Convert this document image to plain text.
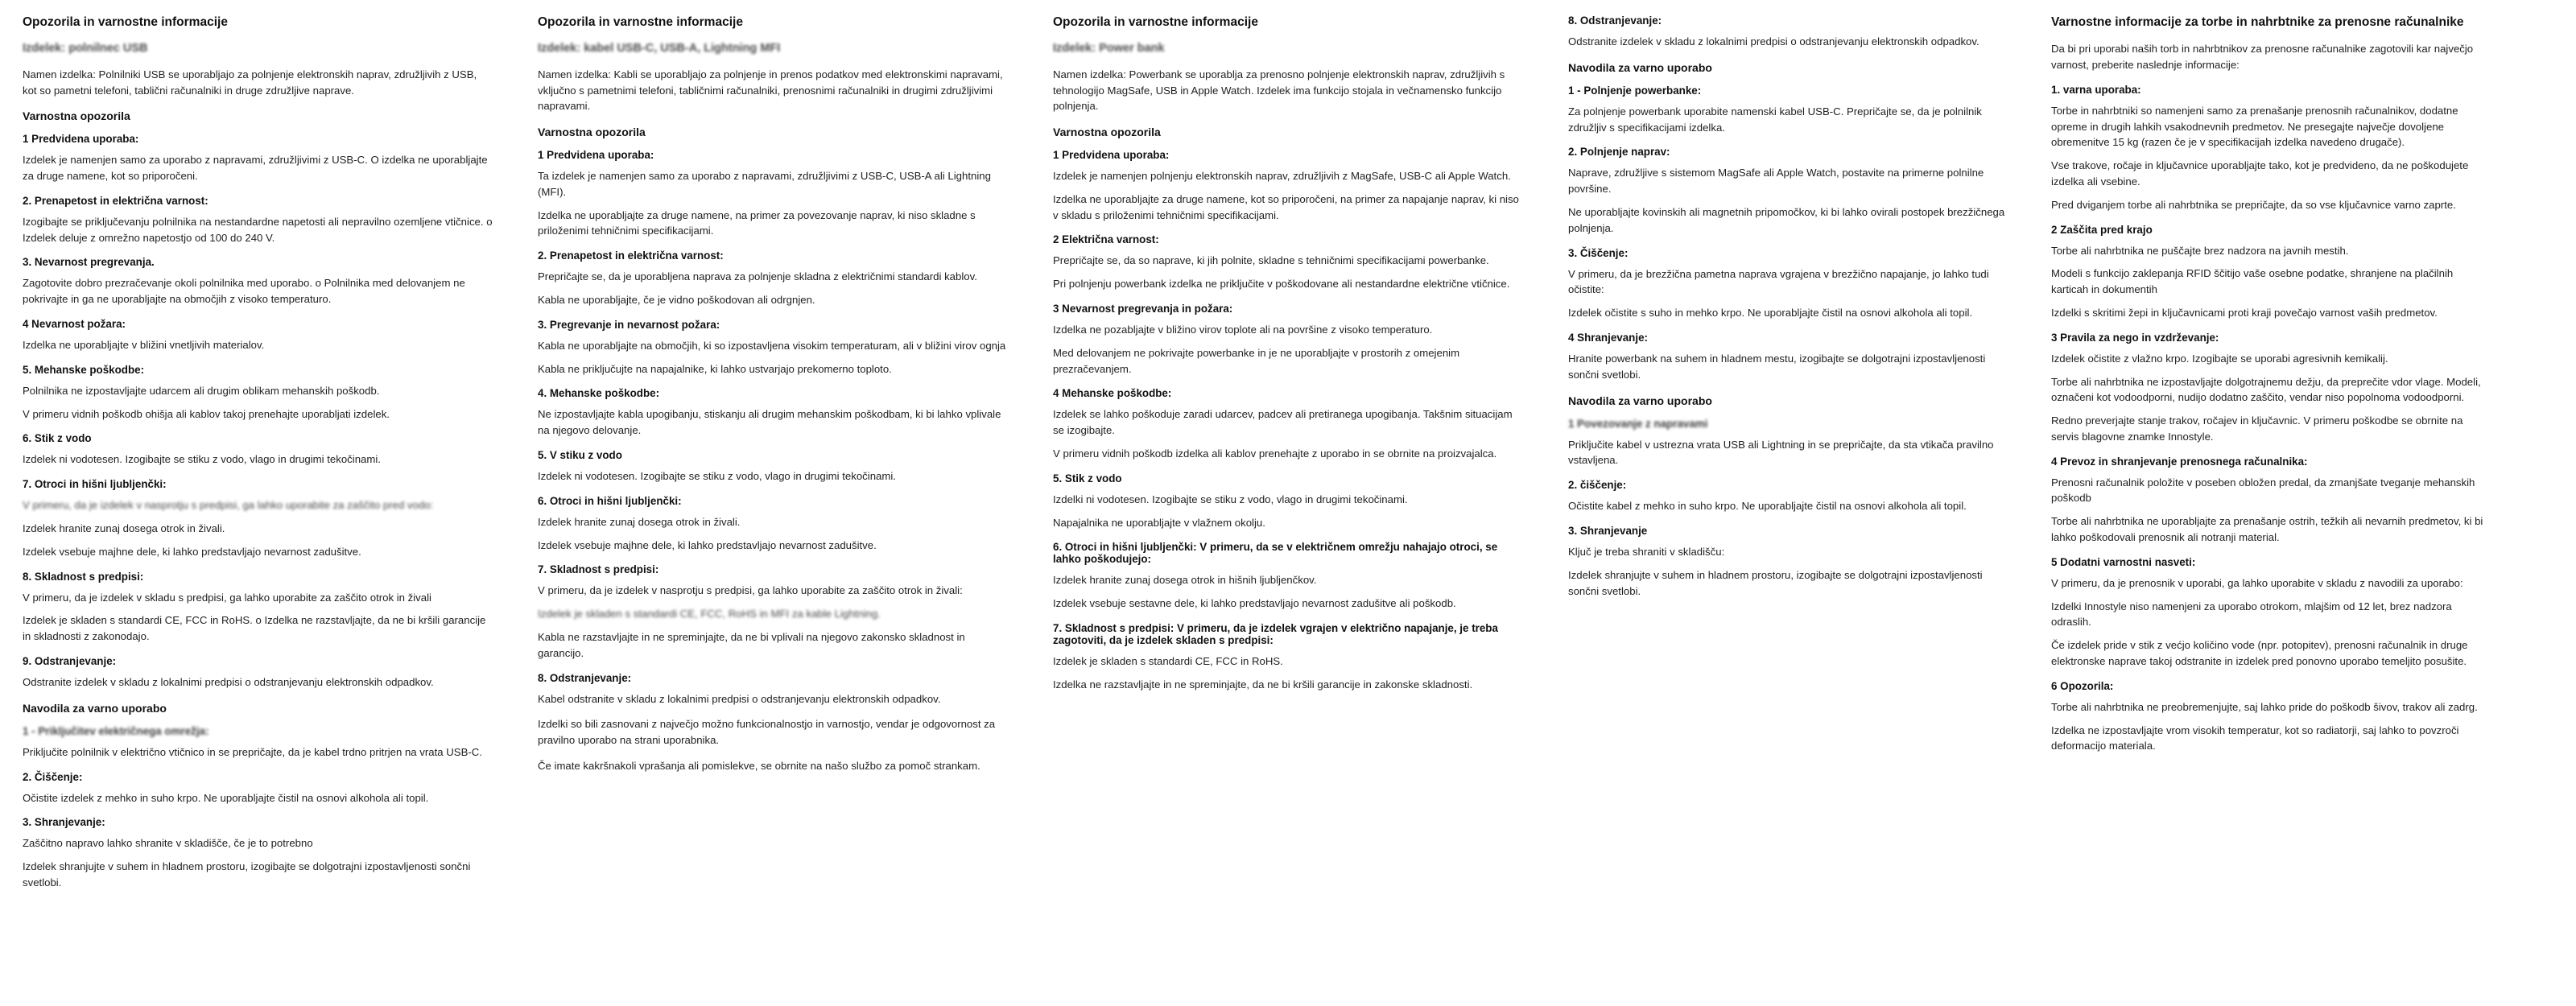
Opozorila in varnostne informacije
Izdelek: polnilnec USB

Namen izdelka: Polnilniki USB se uporabljajo za polnjenje elektronskih naprav, združljivih z USB, kot so pametni telefoni, tablični računalniki in druge združljive naprave.

Varnostna opozorila
1 Predvidena uporaba:

Izdelek je namenjen samo za uporabo z napravami, združljivimi z USB-C. O izdelka ne uporabljajte za druge namene, kot so priporočeni.

2. Prenapetost in električna varnost:

Izogibajte se priključevanju polnilnika na nestandardne napetosti ali nepravilno ozemljene vtičnice. o Izdelek deluje z omrežno napetostjo od 100 do 240 V.

3. Nevarnost pregrevanja.

Zagotovite dobro prezračevanje okoli polnilnika med uporabo. o Polnilnika med delovanjem ne pokrivajte in ga ne uporabljajte na območjih z visoko temperaturo.

4 Nevarnost požara:

Izdelka ne uporabljajte v bližini vnetljivih materialov.

5. Mehanske poškodbe:

Polnilnika ne izpostavljajte udarcem ali drugim oblikam mehanskih poškodb.

V primeru vidnih poškodb ohišja ali kablov takoj prenehajte uporabljati izdelek.

6. Stik z vodo

Izdelek ni vodotesen. Izogibajte se stiku z vodo, vlago in drugimi tekočinami.

7. Otroci in hišni ljubljenčki:

V primeru, da je izdelek v nasprotju s predpisi, ga lahko uporabite za zaščito pred vodo:

Izdelek hranite zunaj dosega otrok in živali.

Izdelek vsebuje majhne dele, ki lahko predstavljajo nevarnost zadušitve.

8. Skladnost s predpisi:

V primeru, da je izdelek v skladu s predpisi, ga lahko uporabite za zaščito otrok in živali

Izdelek je skladen s standardi CE, FCC in RoHS. o Izdelka ne razstavljajte, da ne bi kršili garancije in skladnosti z zakonodajo.

9. Odstranjevanje:

Odstranite izdelek v skladu z lokalnimi predpisi o odstranjevanju elektronskih odpadkov.

Navodila za varno uporabo
1 - Priključitev električnega omrežja:

Priključite polnilnik v električno vtičnico in se prepričajte, da je kabel trdno pritrjen na vrata USB-C.

2. Čiščenje:

Očistite izdelek z mehko in suho krpo. Ne uporabljajte čistil na osnovi alkohola ali topil.

3. Shranjevanje:

Zaščitno napravo lahko shranite v skladišče, če je to potrebno

Izdelek shranjujte v suhem in hladnem prostoru, izogibajte se dolgotrajni izpostavljenosti sončni svetlobi.

Opozorila in varnostne informacije
Izdelek: kabel USB-C, USB-A, Lightning MFI

Namen izdelka: Kabli se uporabljajo za polnjenje in prenos podatkov med elektronskimi napravami, vključno s pametnimi telefoni, tabličnimi računalniki, prenosnimi računalniki in drugimi združljivimi napravami.

Varnostna opozorila
1 Predvidena uporaba:

Ta izdelek je namenjen samo za uporabo z napravami, združljivimi z USB-C, USB-A ali Lightning (MFI).

Izdelka ne uporabljajte za druge namene, na primer za povezovanje naprav, ki niso skladne s priloženimi tehničnimi specifikacijami.

2. Prenapetost in električna varnost:

Prepričajte se, da je uporabljena naprava za polnjenje skladna z električnimi standardi kablov.

Kabla ne uporabljajte, če je vidno poškodovan ali odrgnjen.

3. Pregrevanje in nevarnost požara:

Kabla ne uporabljajte na območjih, ki so izpostavljena visokim temperaturam, ali v bližini virov ognja

Kabla ne priključujte na napajalnike, ki lahko ustvarjajo prekomerno toploto.

4. Mehanske poškodbe:

Ne izpostavljajte kabla upogibanju, stiskanju ali drugim mehanskim poškodbam, ki bi lahko vplivale na njegovo delovanje.

5. V stiku z vodo

Izdelek ni vodotesen. Izogibajte se stiku z vodo, vlago in drugimi tekočinami.

6. Otroci in hišni ljubljenčki:

Izdelek hranite zunaj dosega otrok in živali.

Izdelek vsebuje majhne dele, ki lahko predstavljajo nevarnost zadušitve.

7. Skladnost s predpisi:

V primeru, da je izdelek v nasprotju s predpisi, ga lahko uporabite za zaščito otrok in živali:

Izdelek je skladen s standardi CE, FCC, RoHS in MFI za kable Lightning.

Kabla ne razstavljajte in ne spreminjajte, da ne bi vplivali na njegovo zakonsko skladnost in garancijo.

8. Odstranjevanje:

Kabel odstranite v skladu z lokalnimi predpisi o odstranjevanju elektronskih odpadkov.

Izdelki so bili zasnovani z največjo možno funkcionalnostjo in varnostjo, vendar je odgovornost za pravilno uporabo na strani uporabnika.

Če imate kakršnakoli vprašanja ali pomislekve, se obrnite na našo službo za pomoč strankam.

Opozorila in varnostne informacije
Izdelek: Power bank

Namen izdelka: Powerbank se uporablja za prenosno polnjenje elektronskih naprav, združljivih s tehnologijo MagSafe, USB in Apple Watch. Izdelek ima funkcijo stojala in večnamensko funkcijo polnjenja.

Varnostna opozorila
1 Predvidena uporaba:

Izdelek je namenjen polnjenju elektronskih naprav, združljivih z MagSafe, USB-C ali Apple Watch.

Izdelka ne uporabljajte za druge namene, kot so priporočeni, na primer za napajanje naprav, ki niso v skladu s priloženimi tehničnimi specifikacijami.

2 Električna varnost:

Prepričajte se, da so naprave, ki jih polnite, skladne s tehničnimi specifikacijami powerbanke.

Pri polnjenju powerbank izdelka ne priključite v poškodovane ali nestandardne električne vtičnice.

3 Nevarnost pregrevanja in požara:

Izdelka ne pozabljajte v bližino virov toplote ali na površine z visoko temperaturo.

Med delovanjem ne pokrivajte powerbanke in je ne uporabljajte v prostorih z omejenim prezračevanjem.

4 Mehanske poškodbe:

Izdelek se lahko poškoduje zaradi udarcev, padcev ali pretiranega upogibanja. Takšnim situacijam se izogibajte.

V primeru vidnih poškodb izdelka ali kablov prenehajte z uporabo in se obrnite na proizvajalca.

5. Stik z vodo

Izdelki ni vodotesen. Izogibajte se stiku z vodo, vlago in drugimi tekočinami.

Napajalnika ne uporabljajte v vlažnem okolju.

6. Otroci in hišni ljubljenčki: V primeru, da se v električnem omrežju nahajajo otroci, se lahko poškodujejo:

Izdelek hranite zunaj dosega otrok in hišnih ljubljenčkov.

Izdelek vsebuje sestavne dele, ki lahko predstavljajo nevarnost zadušitve ali poškodb.

7. Skladnost s predpisi: V primeru, da je izdelek vgrajen v električno napajanje, je treba zagotoviti, da je izdelek skladen s predpisi:

Izdelek je skladen s standardi CE, FCC in RoHS.

Izdelka ne razstavljajte in ne spreminjajte, da ne bi kršili garancije in zakonske skladnosti.

8. Odstranjevanje:

Odstranite izdelek v skladu z lokalnimi predpisi o odstranjevanju elektronskih odpadkov.

Navodila za varno uporabo
1 - Polnjenje powerbanke:

Za polnjenje powerbank uporabite namenski kabel USB-C. Prepričajte se, da je polnilnik združljiv s specifikacijami izdelka.

2. Polnjenje naprav:

Naprave, združljive s sistemom MagSafe ali Apple Watch, postavite na primerne polnilne površine.

Ne uporabljajte kovinskih ali magnetnih pripomočkov, ki bi lahko ovirali postopek brezžičnega polnjenja.

3. Čiščenje:

V primeru, da je brezžična pametna naprava vgrajena v brezžično napajanje, jo lahko tudi očistite:

Izdelek očistite s suho in mehko krpo. Ne uporabljajte čistil na osnovi alkohola ali topil.

4 Shranjevanje:

Hranite powerbank na suhem in hladnem mestu, izogibajte se dolgotrajni izpostavljenosti sončni svetlobi.

Navodila za varno uporabo
1 Povezovanje z napravami

Priključite kabel v ustrezna vrata USB ali Lightning in se prepričajte, da sta vtikača pravilno vstavljena.

2. čiščenje:

Očistite kabel z mehko in suho krpo. Ne uporabljajte čistil na osnovi alkohola ali topil.

3. Shranjevanje

Ključ je treba shraniti v skladišču:

Izdelek shranjujte v suhem in hladnem prostoru, izogibajte se dolgotrajni izpostavljenosti sončni svetlobi.

Varnostne informacije za torbe in nahrbtnike za prenosne računalnike

Da bi pri uporabi naših torb in nahrbtnikov za prenosne računalnike zagotovili kar največjo varnost, preberite naslednje informacije:

1. varna uporaba:

Torbe in nahrbtniki so namenjeni samo za prenašanje prenosnih računalnikov, dodatne opreme in drugih lahkih vsakodnevnih predmetov. Ne presegajte največje dovoljene obremenitve 15 kg (razen če je v specifikacijah izdelka navedeno drugače).

Vse trakove, ročaje in ključavnice uporabljajte tako, kot je predvideno, da ne poškodujete izdelka ali vsebine.

Pred dviganjem torbe ali nahrbtnika se prepričajte, da so vse ključavnice varno zaprte.

2 Zaščita pred krajo

Torbe ali nahrbtnika ne puščajte brez nadzora na javnih mestih.

Modeli s funkcijo zaklepanja RFID ščitijo vaše osebne podatke, shranjene na plačilnih karticah in dokumentih

Izdelki s skritimi žepi in ključavnicami proti kraji povečajo varnost vaših predmetov.

3 Pravila za nego in vzdrževanje:

Izdelek očistite z vlažno krpo. Izogibajte se uporabi agresivnih kemikalij.

Torbe ali nahrbtnika ne izpostavljajte dolgotrajnemu dežju, da preprečite vdor vlage. Modeli, označeni kot vodoodporni, nudijo dodatno zaščito, vendar niso popolnoma vodoodporni.

Redno preverjajte stanje trakov, ročajev in ključavnic. V primeru poškodbe se obrnite na servis blagovne znamke Innostyle.

4 Prevoz in shranjevanje prenosnega računalnika:

Prenosni računalnik položite v poseben obložen predal, da zmanjšate tveganje mehanskih poškodb

Torbe ali nahrbtnika ne uporabljajte za prenašanje ostrih, težkih ali nevarnih predmetov, ki bi lahko poškodovali prenosnik ali notranji material.

5 Dodatni varnostni nasveti:

V primeru, da je prenosnik v uporabi, ga lahko uporabite v skladu z navodili za uporabo:

Izdelki Innostyle niso namenjeni za uporabo otrokom, mlajšim od 12 let, brez nadzora odraslih.

Če izdelek pride v stik z većjo količino vode (npr. potopitev), prenosni računalnik in druge elektronske naprave takoj odstranite in izdelek pred ponovno uporabo temeljito posušite.

6 Opozorila:

Torbe ali nahrbtnika ne preobremenjujte, saj lahko pride do poškodb šivov, trakov ali zadrg.

Izdelka ne izpostavljajte vrom visokih temperatur, kot so radiatorji, saj lahko to povzroči deformacijo materiala.
